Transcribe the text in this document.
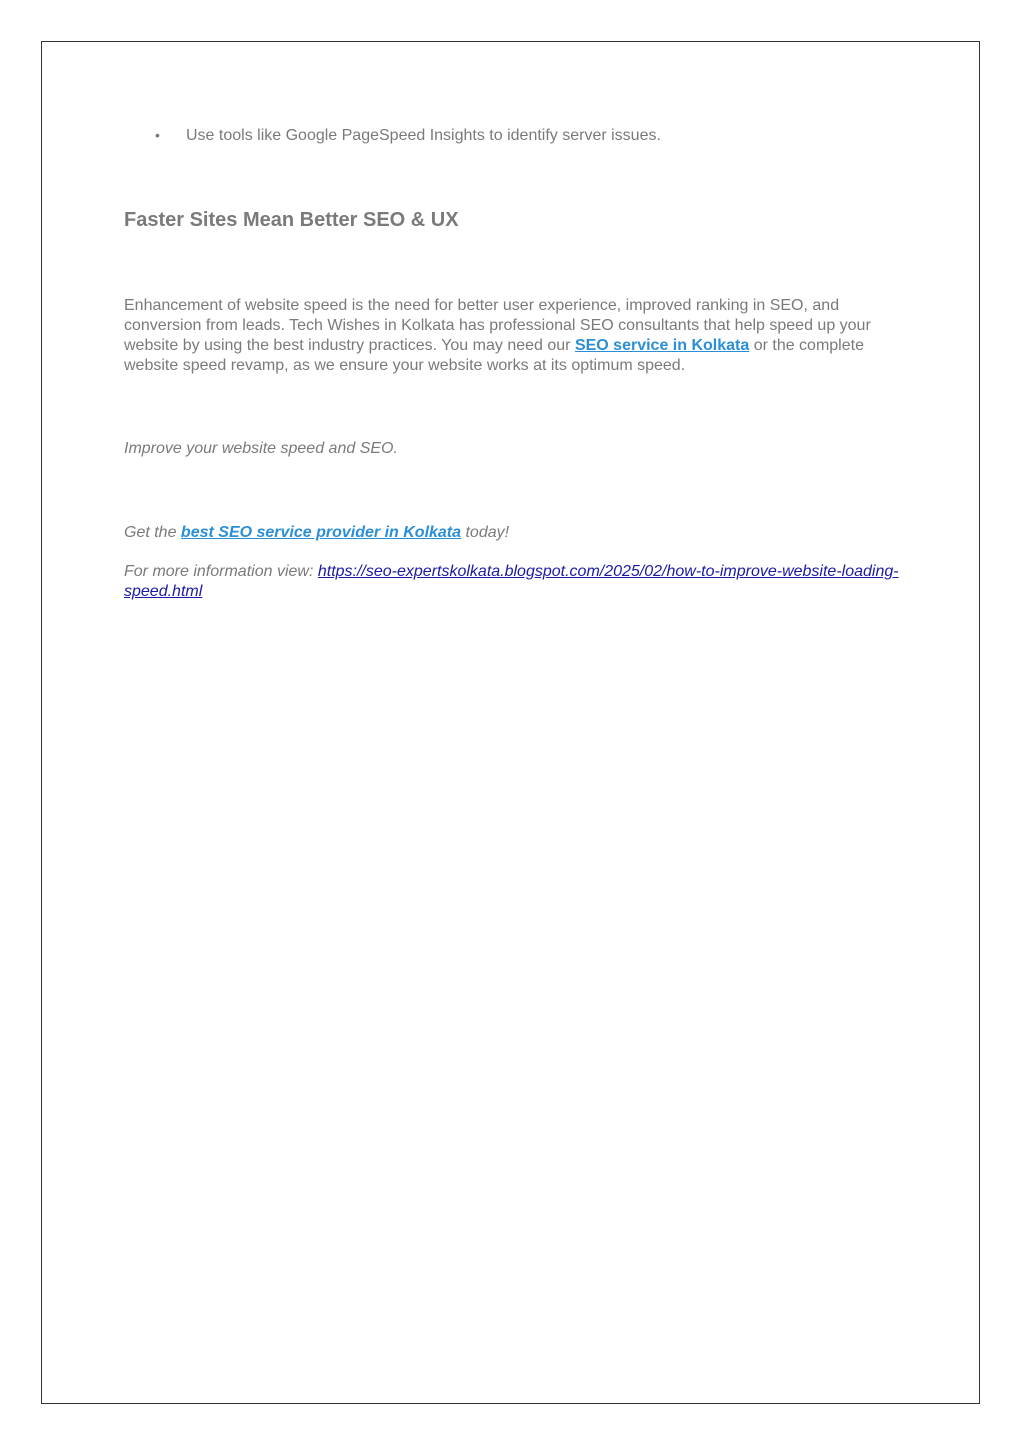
• Use tools like Google PageSpeed Insights to identify server issues.
Faster Sites Mean Better SEO & UX

Enhancement of website speed is the need for better user experience, improved ranking in SEO, and conversion from leads. Tech Wishes in Kolkata has professional SEO consultants that help speed up your website by using the best industry practices. You may need our SEO service in Kolkata or the complete website speed revamp, as we ensure your website works at its optimum speed.

Improve your website speed and SEO.

Get the best SEO service provider in Kolkata today!

For more information view: https://seo-expertskolkata.blogspot.com/2025/02/how-to-improve-website-loading-speed.html
